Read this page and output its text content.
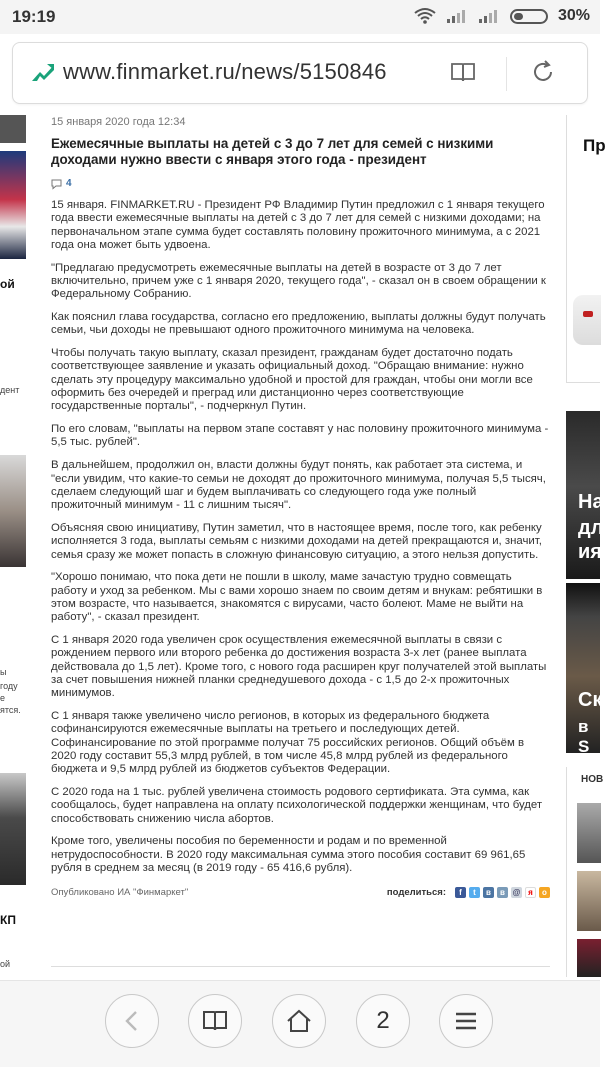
19:19	30%
www.finmarket.ru/news/5150846
ой
дент
ы
году
е
ятся.
КП
ой
15 января 2020 года 12:34
Ежемесячные выплаты на детей с 3 до 7 лет для семей с низкими доходами нужно ввести с января этого года - президент
4

15 января. FINMARKET.RU - Президент РФ Владимир Путин предложил с 1 января текущего года ввести ежемесячные выплаты на детей с 3 до 7 лет для семей с низкими доходами; на первоначальном этапе сумма будет составлять половину прожиточного минимума, а с 2021 года она может быть удвоена.

"Предлагаю предусмотреть ежемесячные выплаты на детей в возрасте от 3 до 7 лет включительно, причем уже с 1 января 2020, текущего года", - сказал он в своем обращении к Федеральному Собранию.

Как пояснил глава государства, согласно его предложению, выплаты должны будут получать семьи, чьи доходы не превышают одного прожиточного минимума на человека.

Чтобы получать такую выплату, сказал президент, гражданам будет достаточно подать соответствующее заявление и указать официальный доход. "Обращаю внимание: нужно сделать эту процедуру максимально удобной и простой для граждан, чтобы они могли все оформить без очередей и преград или дистанционно через соответствующие государственные порталы", - подчеркнул Путин.

По его словам, "выплаты на первом этапе составят у нас половину прожиточного минимума - 5,5 тыс. рублей".

В дальнейшем, продолжил он, власти должны будут понять, как работает эта система, и "если увидим, что какие-то семьи не доходят до прожиточного минимума, получая 5,5 тысяч, сделаем следующий шаг и будем выплачивать со следующего года уже полный прожиточный минимум - 11 с лишним тысяч".

Объясняя свою инициативу, Путин заметил, что в настоящее время, после того, как ребенку исполняется 3 года, выплаты семьям с низкими доходами на детей прекращаются и, значит, семья сразу же может попасть в сложную финансовую ситуацию, а этого нельзя допустить.

"Хорошо понимаю, что пока дети не пошли в школу, маме зачастую трудно совмещать работу и уход за ребенком. Мы с вами хорошо знаем по своим детям и внукам: ребятишки в этом возрасте, что называется, знакомятся с вирусами, часто болеют. Маме не выйти на работу", - сказал президент.

С 1 января 2020 года увеличен срок осуществления ежемесячной выплаты в связи с рождением первого или второго ребенка до достижения возраста 3-х лет (ранее выплата действовала до 1,5 лет). Кроме того, с нового года расширен круг получателей этой выплаты за счет повышения нижней планки среднедушевого дохода - с 1,5 до 2-х прожиточных минимумов.

С 1 января также увеличено число регионов, в которых из федерального бюджета софинансируются ежемесячные выплаты на третьего и последующих детей. Софинансирование по этой программе получат 75 российских регионов. Общий объём в 2020 году составит 55,3 млрд рублей, в том числе 45,8 млрд рублей из федерального бюджета и 9,5 млрд рублей из бюджетов субъектов Федерации.

С 2020 года на 1 тыс. рублей увеличена стоимость родового сертификата. Эта сумма, как сообщалось, будет направлена на оплату психологической поддержки женщинам, что будет способствовать снижению числа абортов.

Кроме того, увеличены пособия по беременности и родам и по временной нетрудоспособности. В 2020 году максимальная сумма этого пособия составит 69 961,65 рубля в среднем за месяц (в 2019 году - 65 416,6 рубля).

Опубликовано ИА "Финмаркет"	поделиться:	f	t	в	в @ я	о
Пр
На
дл
ия
Ск
в S
НОВ
2
